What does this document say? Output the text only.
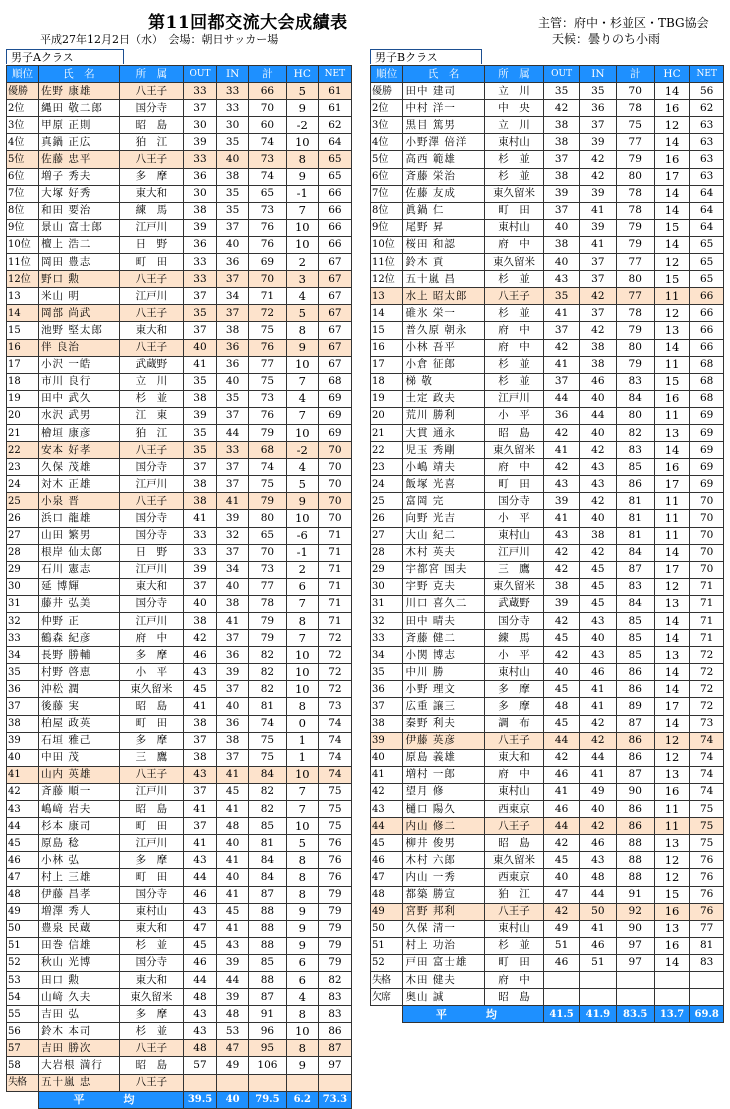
第11回都交流大会成績表
平成27年12月2日（水）　会場：朝日サッカー場
主管：府中・杉並区・TBG協会
天候：曇りのち小雨
男子Aクラス
順位	氏　名	所　属	OUT	IN	計	HC	NET
優勝	佐野 康雄	八王子	33	33	66	5	61
2位	縄田 敬二郎	国分寺	37	33	70	9	61
3位	甲原 正則	昭　島	30	30	60	-2	62
4位	真鍋 正広	狛　江	39	35	74	10	64
5位	佐藤 忠平	八王子	33	40	73	8	65
6位	増子 秀夫	多　摩	36	38	74	9	65
7位	大塚 好秀	東大和	30	35	65	-1	66
8位	和田 要治	練　馬	38	35	73	7	66
9位	景山 富士郎	江戸川	39	37	76	10	66
10位	檀上 浩二	日　野	36	40	76	10	66
11位	岡田 豊志	町　田	33	36	69	2	67
12位	野口 勲	八王子	33	37	70	3	67
13	米山 明	江戸川	37	34	71	4	67
14	岡部 尚武	八王子	35	37	72	5	67
15	池野 堅太郎	東大和	37	38	75	8	67
16	伴 良治	八王子	40	36	76	9	67
17	小沢 一皓	武蔵野	41	36	77	10	67
18	市川 良行	立　川	35	40	75	7	68
19	田中 武久	杉　並	38	35	73	4	69
20	水沢 武男	江　東	39	37	76	7	69
21	檜垣 康彦	狛　江	35	44	79	10	69
22	安本 好孝	八王子	35	33	68	-2	70
23	久保 茂雄	国分寺	37	37	74	4	70
24	対木 正雄	江戸川	38	37	75	5	70
25	小泉 晋	八王子	38	41	79	9	70
26	浜口 龍雄	国分寺	41	39	80	10	70
27	山田 繁男	国分寺	33	32	65	-6	71
28	根岸 仙太郎	日　野	33	37	70	-1	71
29	石川 憲志	江戸川	39	34	73	2	71
30	延 博輝	東大和	37	40	77	6	71
31	藤井 弘美	国分寺	40	38	78	7	71
32	仲野 正	江戸川	38	41	79	8	71
33	鶴森 紀彦	府　中	42	37	79	7	72
34	長野 勝輔	多　摩	46	36	82	10	72
35	村野 啓恵	小　平	43	39	82	10	72
36	沖松 潤	東久留米	45	37	82	10	72
37	後藤 実	昭　島	41	40	81	8	73
38	柏屋 政英	町　田	38	36	74	0	74
39	石垣 雅己	多　摩	37	38	75	1	74
40	中田 茂	三　鷹	38	37	75	1	74
41	山内 英雄	八王子	43	41	84	10	74
42	斉藤 順一	江戸川	37	45	82	7	75
43	嶋﨑 岩夫	昭　島	41	41	82	7	75
44	杉本 康司	町　田	37	48	85	10	75
45	原島 稔	江戸川	41	40	81	5	76
46	小林 弘	多　摩	43	41	84	8	76
47	村上 三雄	町　田	44	40	84	8	76
48	伊藤 昌孝	国分寺	46	41	87	8	79
49	増澤 秀人	東村山	43	45	88	9	79
50	豊泉 民蔵	東大和	47	41	88	9	79
51	田巻 信雄	杉　並	45	43	88	9	79
52	秋山 光博	国分寺	46	39	85	6	79
53	田口 勲	東大和	44	44	88	6	82
54	山﨑 久夫	東久留米	48	39	87	4	83
55	吉田 弘	多　摩	43	48	91	8	83
56	鈴木 本司	杉　並	43	53	96	10	86
57	吉田 勝次	八王子	48	47	95	8	87
58	大岩根 満行	昭　島	57	49	106	9	97
失格	五十嵐 忠	八王子					
	平　均		39.5	40	79.5	6.2	73.3
男子Bクラス
順位	氏　名	所　属	OUT	IN	計	HC	NET
優勝	田中 建司	立　川	35	35	70	14	56
2位	中村 洋一	中　央	42	36	78	16	62
3位	黒目 篤男	立　川	38	37	75	12	63
4位	小野澤 倍洋	東村山	38	39	77	14	63
5位	高西 範雄	杉　並	37	42	79	16	63
6位	斉藤 栄治	杉　並	38	42	80	17	63
7位	佐藤 友成	東久留米	39	39	78	14	64
8位	眞鍋 仁	町　田	37	41	78	14	64
9位	尾野 昇	東村山	40	39	79	15	64
10位	桜田 和認	府　中	38	41	79	14	65
11位	鈴木 貢	東久留米	40	37	77	12	65
12位	五十嵐 昌	杉　並	43	37	80	15	65
13	水上 昭太郎	八王子	35	42	77	11	66
14	碓氷 栄一	杉　並	41	37	78	12	66
15	普久原 朝永	府　中	37	42	79	13	66
16	小林 吾平	府　中	42	38	80	14	66
17	小倉 征郎	杉　並	41	38	79	11	68
18	梯 敬	杉　並	37	46	83	15	68
19	土定 政夫	江戸川	44	40	84	16	68
20	荒川 勝利	小　平	36	44	80	11	69
21	大貫 通永	昭　島	42	40	82	13	69
22	児玉 秀剛	東久留米	41	42	83	14	69
23	小嶋 靖夫	府　中	42	43	85	16	69
24	飯塚 光喜	町　田	43	43	86	17	69
25	富岡 完	国分寺	39	42	81	11	70
26	向野 光吉	小　平	41	40	81	11	70
27	大山 紀二	東村山	43	38	81	11	70
28	木村 英夫	江戸川	42	42	84	14	70
29	宇都宮 国夫	三　鷹	42	45	87	17	70
30	宇野 克夫	東久留米	38	45	83	12	71
31	川口 喜久二	武蔵野	39	45	84	13	71
32	田中 晴夫	国分寺	42	43	85	14	71
33	斉藤 健二	練　馬	45	40	85	14	71
34	小関 博志	小　平	42	43	85	13	72
35	中川 勝	東村山	40	46	86	14	72
36	小野 理文	多　摩	45	41	86	14	72
37	広重 譲三	多　摩	48	41	89	17	72
38	秦野 利夫	調　布	45	42	87	14	73
39	伊藤 英彦	八王子	44	42	86	12	74
40	原島 義雄	東大和	42	44	86	12	74
41	増村 一郎	府　中	46	41	87	13	74
42	望月 修	東村山	41	49	90	16	74
43	樋口 陽久	西東京	46	40	86	11	75
44	内山 修二	八王子	44	42	86	11	75
45	柳井 俊男	昭　島	42	46	88	13	75
46	木村 六郎	東久留米	45	43	88	12	76
47	内山 一秀	西東京	40	48	88	12	76
48	都築 勝宣	狛　江	47	44	91	15	76
49	宮野 邦利	八王子	42	50	92	16	76
50	久保 清一	東村山	49	41	90	13	77
51	村上 功治	杉　並	51	46	97	16	81
52	戸田 富士雄	町　田	46	51	97	14	83
失格	木田 健夫	府　中					
欠席	奥山 誠	昭　島					
	平　均		41.5	41.9	83.5	13.7	69.8
